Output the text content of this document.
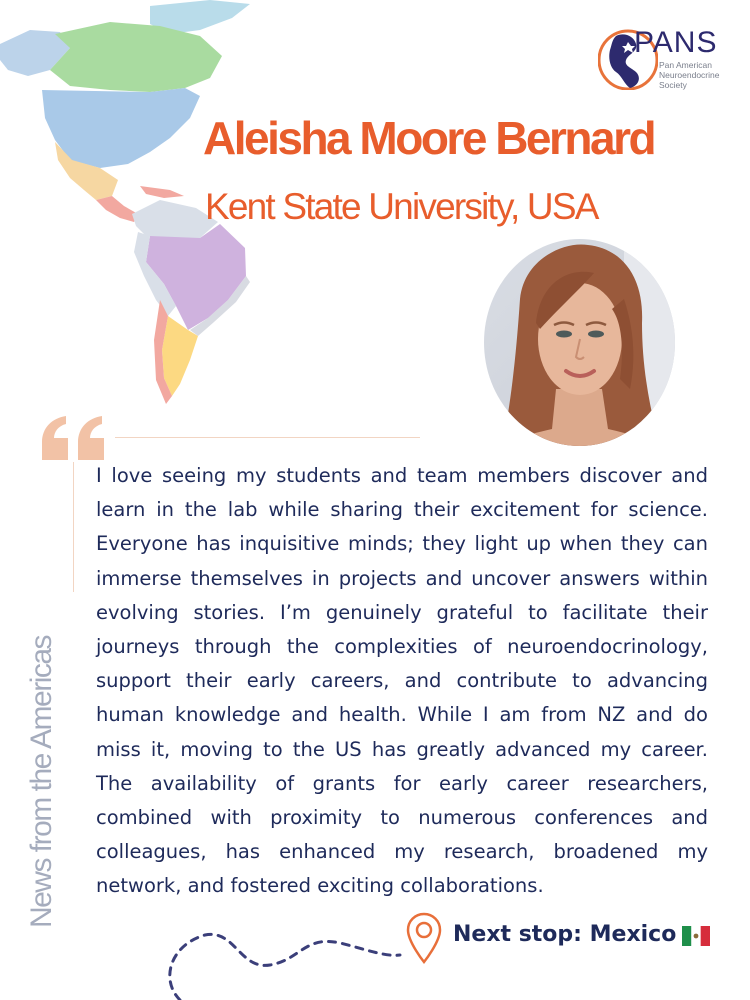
PANS
Pan American Neuroendocrine Society
Aleisha Moore Bernard
Kent State University, USA

I love seeing my students and team members discover and learn in the lab while sharing their excitement for science. Everyone has inquisitive minds; they light up when they can immerse themselves in projects and uncover answers within evolving stories. I’m genuinely grateful to facilitate their journeys through the complexities of neuroendocrinology, support their early careers, and contribute to advancing human knowledge and health. While I am from NZ and do miss it, moving to the US has greatly advanced my career. The availability of grants for early career researchers, combined with proximity to numerous conferences and colleagues, has enhanced my research, broadened my network, and fostered exciting collaborations.

News from the Americas
Next stop: Mexico
